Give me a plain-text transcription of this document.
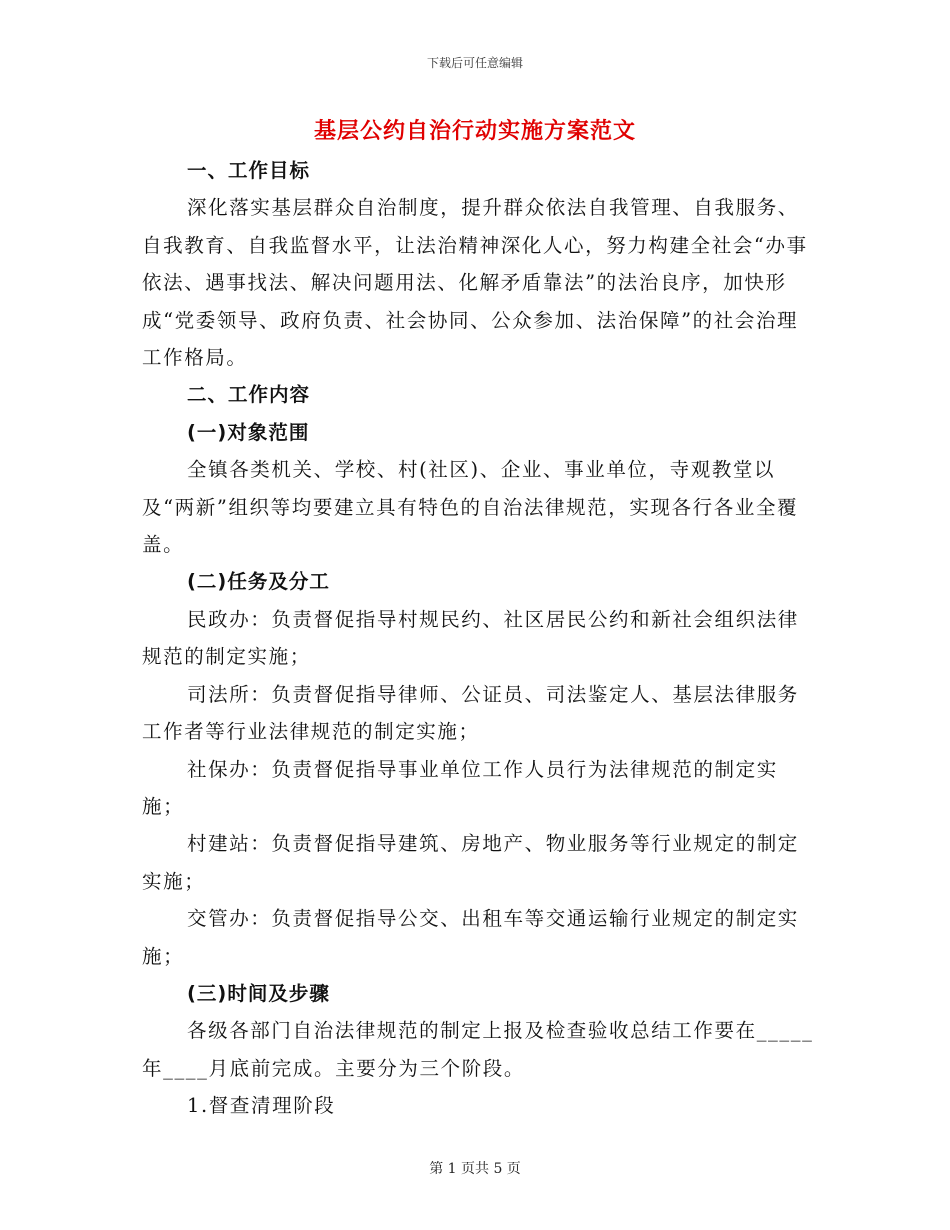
下载后可任意编辑
基层公约自治行动实施方案范文

一、工作目标

深化落实基层群众自治制度，提升群众依法自我管理、自我服务、自我教育、自我监督水平，让法治精神深化人心，努力构建全社会“办事依法、遇事找法、解决问题用法、化解矛盾靠法”的法治良序，加快形成“党委领导、政府负责、社会协同、公众参加、法治保障”的社会治理工作格局。

二、工作内容

(一)对象范围

全镇各类机关、学校、村(社区)、企业、事业单位，寺观教堂以及“两新”组织等均要建立具有特色的自治法律规范，实现各行各业全覆盖。

(二)任务及分工

民政办：负责督促指导村规民约、社区居民公约和新社会组织法律规范的制定实施；

司法所：负责督促指导律师、公证员、司法鉴定人、基层法律服务工作者等行业法律规范的制定实施；

社保办：负责督促指导事业单位工作人员行为法律规范的制定实施；

村建站：负责督促指导建筑、房地产、物业服务等行业规定的制定实施；

交管办：负责督促指导公交、出租车等交通运输行业规定的制定实施；

(三)时间及步骤

各级各部门自治法律规范的制定上报及检查验收总结工作要在_____年____月底前完成。主要分为三个阶段。

1.督查清理阶段

第 1 页共 5 页
